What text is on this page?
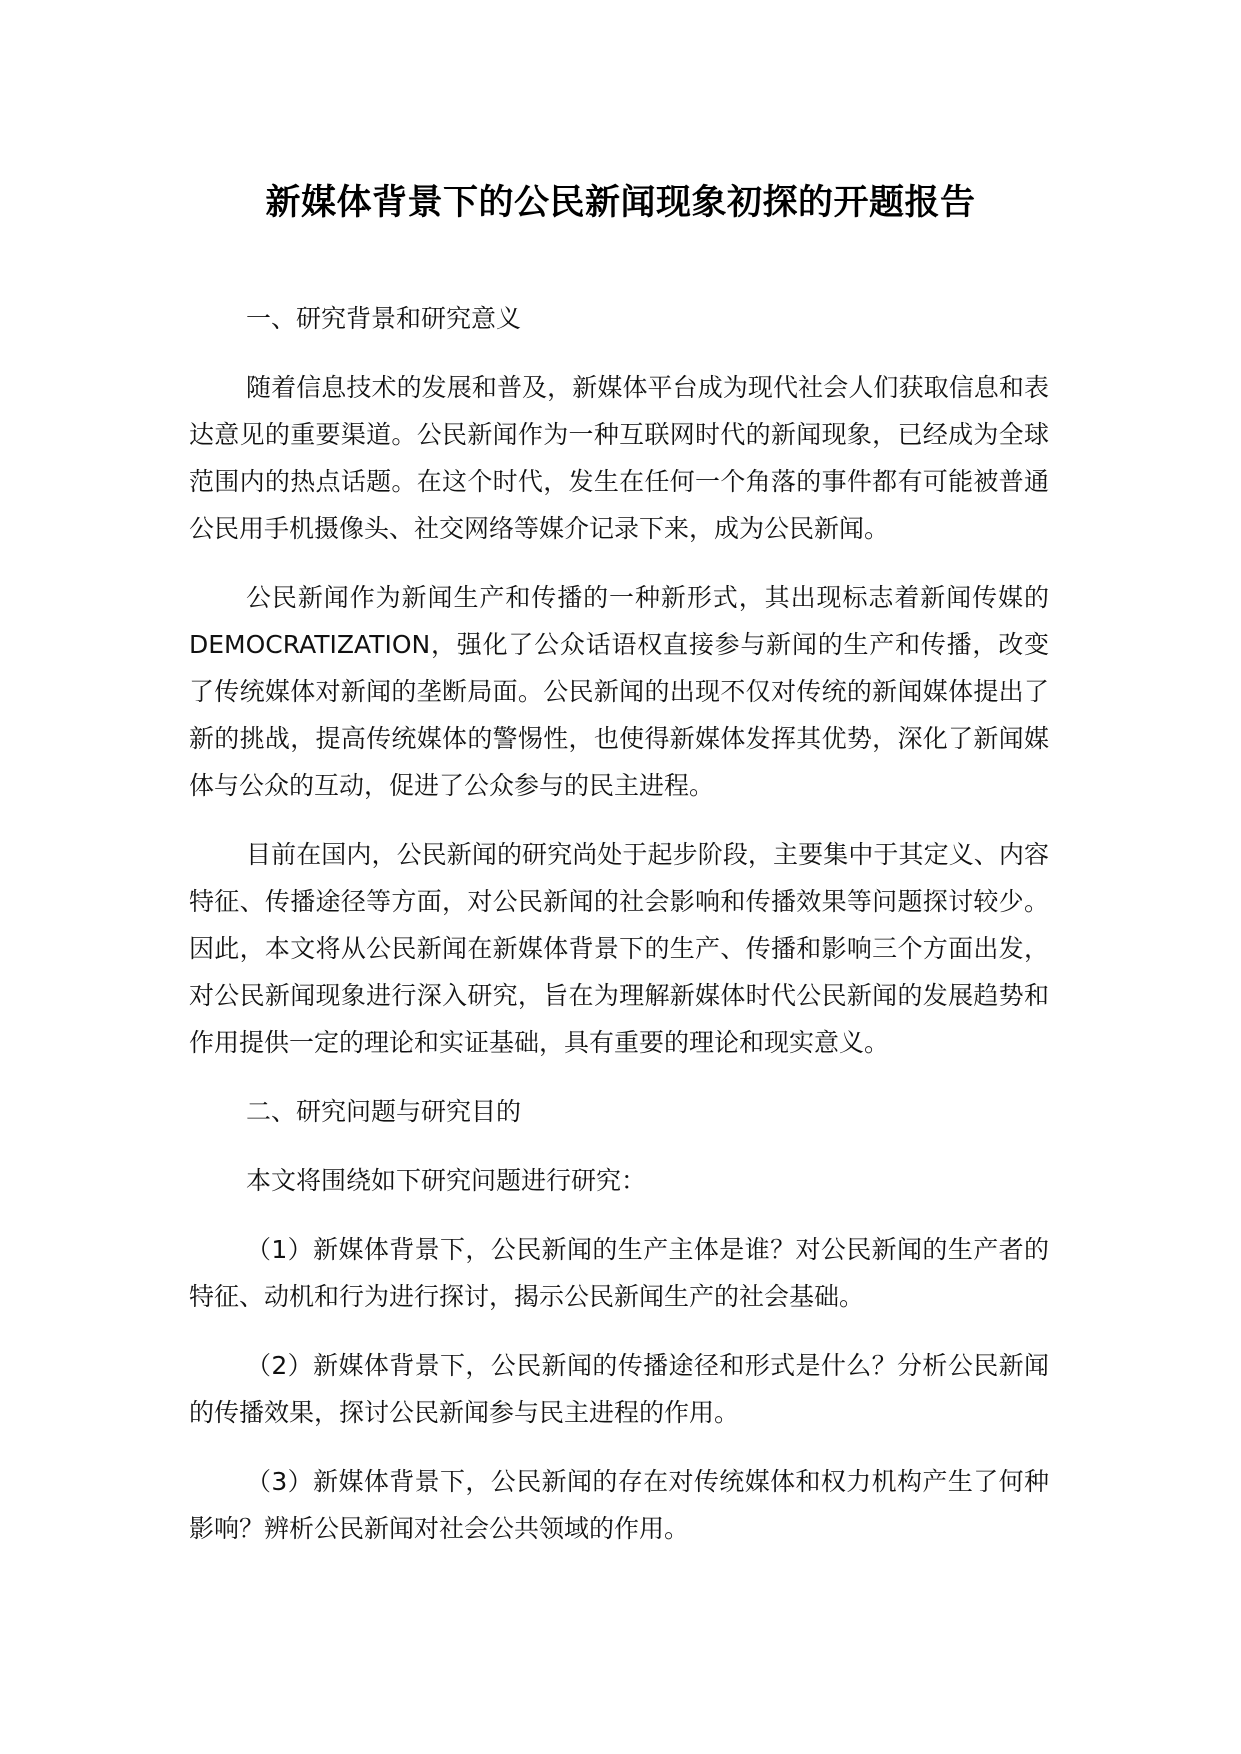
新媒体背景下的公民新闻现象初探的开题报告

一、研究背景和研究意义

随着信息技术的发展和普及，新媒体平台成为现代社会人们获取信息和表达意见的重要渠道。公民新闻作为一种互联网时代的新闻现象，已经成为全球范围内的热点话题。在这个时代，发生在任何一个角落的事件都有可能被普通公民用手机摄像头、社交网络等媒介记录下来，成为公民新闻。

公民新闻作为新闻生产和传播的一种新形式，其出现标志着新闻传媒的 DEMOCRATIZATION，强化了公众话语权直接参与新闻的生产和传播，改变了传统媒体对新闻的垄断局面。公民新闻的出现不仅对传统的新闻媒体提出了新的挑战，提高传统媒体的警惕性，也使得新媒体发挥其优势，深化了新闻媒体与公众的互动，促进了公众参与的民主进程。

目前在国内，公民新闻的研究尚处于起步阶段，主要集中于其定义、内容特征、传播途径等方面，对公民新闻的社会影响和传播效果等问题探讨较少。因此，本文将从公民新闻在新媒体背景下的生产、传播和影响三个方面出发，对公民新闻现象进行深入研究，旨在为理解新媒体时代公民新闻的发展趋势和作用提供一定的理论和实证基础，具有重要的理论和现实意义。

二、研究问题与研究目的

本文将围绕如下研究问题进行研究：

（1）新媒体背景下，公民新闻的生产主体是谁？对公民新闻的生产者的特征、动机和行为进行探讨，揭示公民新闻生产的社会基础。

（2）新媒体背景下，公民新闻的传播途径和形式是什么？分析公民新闻的传播效果，探讨公民新闻参与民主进程的作用。

（3）新媒体背景下，公民新闻的存在对传统媒体和权力机构产生了何种影响？辨析公民新闻对社会公共领域的作用。
